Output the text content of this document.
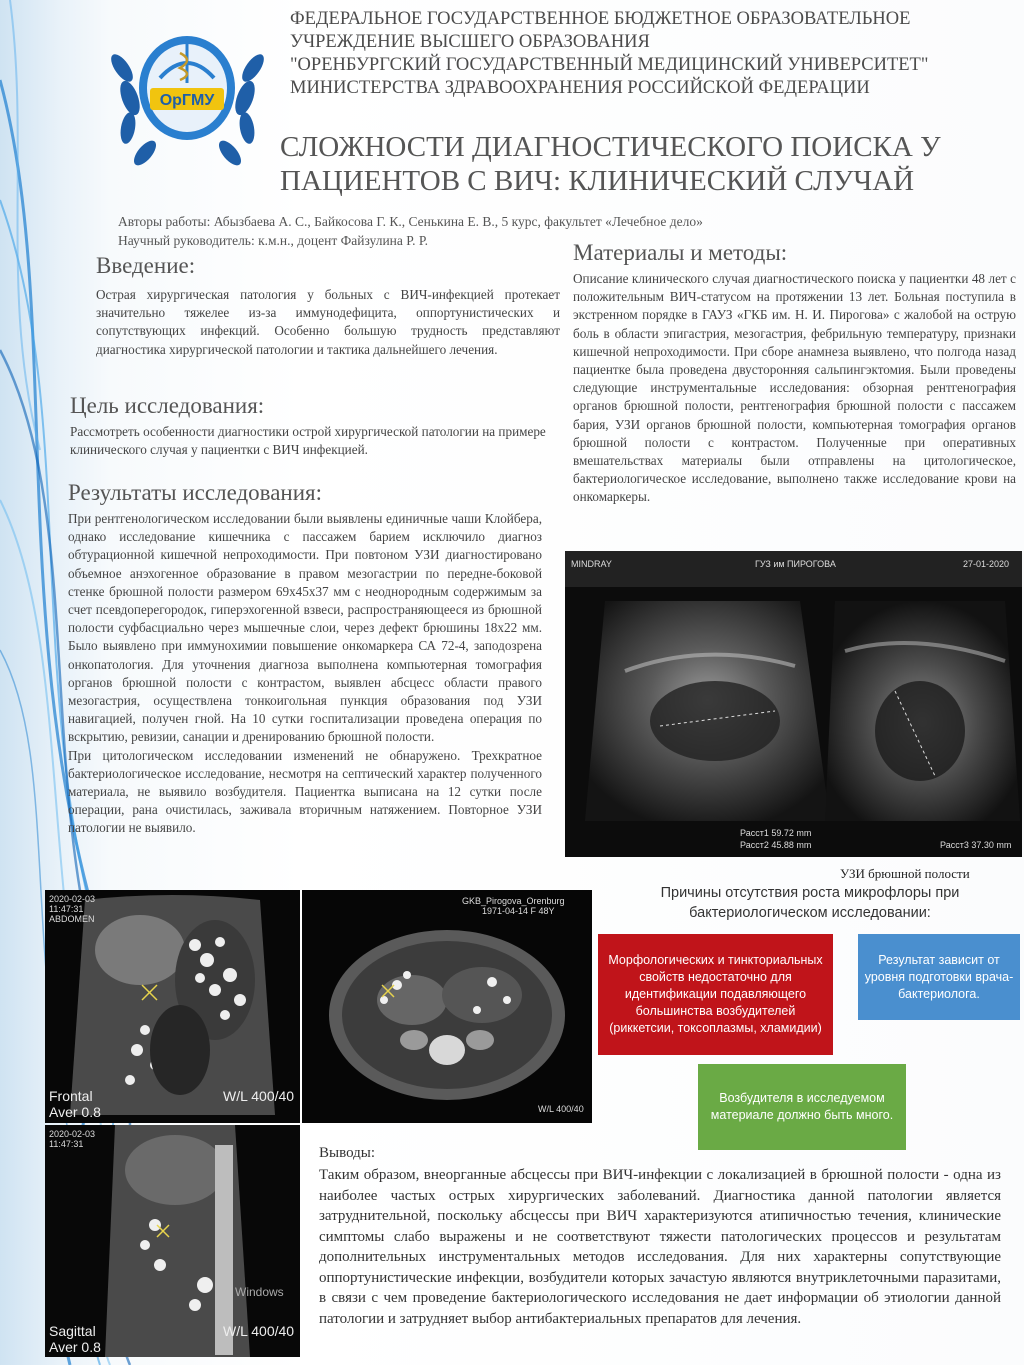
ОрГМУ
ФЕДЕРАЛЬНОЕ ГОСУДАРСТВЕННОЕ БЮДЖЕТНОЕ ОБРАЗОВАТЕЛЬНОЕ
УЧРЕЖДЕНИЕ ВЫСШЕГО ОБРАЗОВАНИЯ
"ОРЕНБУРГСКИЙ ГОСУДАРСТВЕННЫЙ МЕДИЦИНСКИЙ УНИВЕРСИТЕТ"
МИНИСТЕРСТВА ЗДРАВООХРАНЕНИЯ РОССИЙСКОЙ ФЕДЕРАЦИИ
СЛОЖНОСТИ ДИАГНОСТИЧЕСКОГО ПОИСКА У
ПАЦИЕНТОВ С ВИЧ: КЛИНИЧЕСКИЙ СЛУЧАЙ
Авторы работы: Абызбаева А. С., Байкосова Г. К., Сенькина Е. В., 5 курс, факультет «Лечебное дело»
Научный руководитель: к.м.н., доцент Файзулина Р. Р.
Введение:
Острая хирургическая патология у больных с ВИЧ-инфекцией протекает значительно тяжелее из-за иммунодефицита, оппортунистических и сопутствующих инфекций. Особенно большую трудность представляют диагностика хирургической патологии и тактика дальнейшего лечения.
Цель исследования:
Рассмотреть особенности диагностики острой хирургической патологии на примере клинического случая у пациентки с ВИЧ инфекцией.
Результаты исследования:
При рентгенологическом исследовании были выявлены единичные чаши Клойбера, однако исследование кишечника с пассажем барием исключило диагноз обтурационной кишечной непроходимости. При повтоном УЗИ диагностировано объемное анэхогенное образование в правом мезогастрии по передне-боковой стенке брюшной полости размером 69х45х37 мм с неоднородным содержимым за счет псевдоперегородок, гиперэхогенной взвеси, распространяющееся из брюшной полости суфбасциально через мышечные слои, через дефект брюшины 18х22 мм. Было выявлено при иммунохимии повышение онкомаркера СА 72-4, заподозрена онкопатология. Для уточнения диагноза выполнена компьютерная томография органов брюшной полости с контрастом, выявлен абсцесс области правого мезогастрия, осуществлена тонкоигольная пункция образования под УЗИ навигацией, получен гной. На 10 сутки госпитализации проведена операция по вскрытию, ревизии, санации и дренированию брюшной полости.
При цитологическом исследовании изменений не обнаружено. Трехкратное бактериологическое исследование, несмотря на септический характер полученного материала, не выявило возбудителя. Пациентка выписана на 12 сутки после операции, рана очистилась, заживала вторичным натяжением. Повторное УЗИ патологии не выявило.
Материалы и методы:
Описание клинического случая диагностического поиска у пациентки 48 лет с положительным ВИЧ-статусом на протяжении 13 лет. Больная поступила в экстренном порядке в ГАУЗ «ГКБ им. Н. И. Пирогова» с жалобой на острую боль в области эпигастрия, мезогастрия, фебрильную температуру, признаки кишечной непроходимости. При сборе анамнеза выявлено, что полгода назад пациентке была проведена двусторонняя сальпингэктомия. Были проведены следующие инструментальные исследования: обзорная рентгенография органов брюшной полости, рентгенография брюшной полости с пассажем бария, УЗИ органов брюшной полости, компьютерная томография органов брюшной полости с контрастом. Полученные при оперативных вмешательствах материалы были отправлены на цитологическое, бактериологическое исследование, выполнено также исследование крови на онкомаркеры.
MINDRAY	ГУЗ им ПИРОГОВА	27-01-2020
Расст1 59.72 mm
Расст2 45.88 mm	Расст3 37.30 mm
УЗИ брюшной полости
2020-02-03
11:47:31
ABDOMEN
Frontal
Aver 0.8
W/L 400/40
GKB_Pirogova_Orenburg
1971-04-14 F 48Y
W/L 400/40
2020-02-03
11:47:31
Windows
Sagittal
Aver 0.8
W/L 400/40
Причины отсутствия роста микрофлоры при
бактериологическом исследовании:
Морфологических и тинкториальных свойств недостаточно для идентификации подавляющего большинства возбудителей (риккетсии, токсоплазмы, хламидии)
Результат зависит от уровня подготовки врача-бактериолога.
Возбудителя в исследуемом материале должно быть много.
Выводы:
Таким образом, внеорганные абсцессы при ВИЧ-инфекции с локализацией в брюшной полости - одна из наиболее частых острых хирургических заболеваний. Диагностика данной патологии является затруднительной, поскольку абсцессы при ВИЧ характеризуются атипичностью течения, клинические симптомы слабо выражены и не соответствуют тяжести патологических процессов и результатам дополнительных инструментальных методов исследования. Для них характерны сопутствующие оппортунистические инфекции, возбудители которых зачастую являются внутриклеточными паразитами, в связи с чем проведение бактериологического исследования не дает информации об этиологии данной патологии и затрудняет выбор антибактериальных препаратов для лечения.
